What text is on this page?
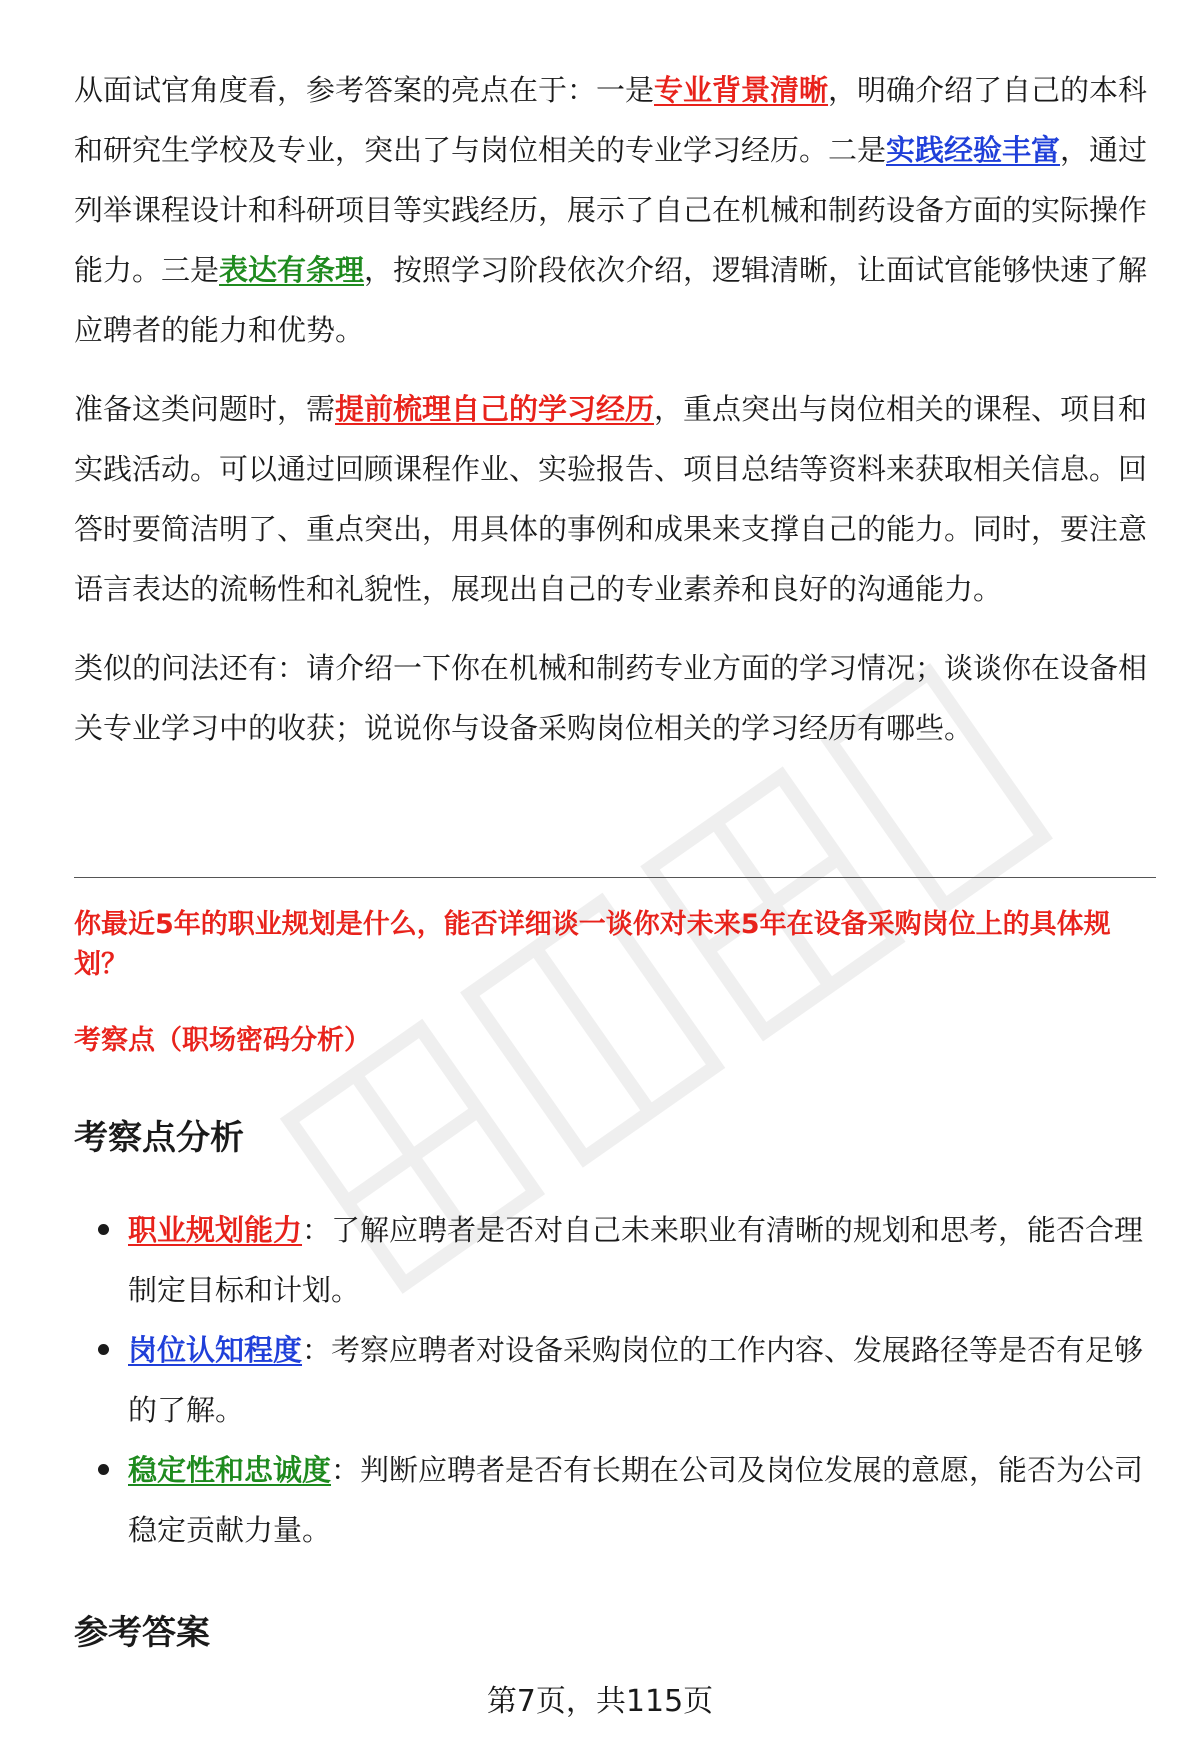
从面试官角度看，参考答案的亮点在于：一是专业背景清晰，明确介绍了自己的本科和研究生学校及专业，突出了与岗位相关的专业学习经历。二是实践经验丰富，通过列举课程设计和科研项目等实践经历，展示了自己在机械和制药设备方面的实际操作能力。三是表达有条理，按照学习阶段依次介绍，逻辑清晰，让面试官能够快速了解应聘者的能力和优势。

准备这类问题时，需提前梳理自己的学习经历，重点突出与岗位相关的课程、项目和实践活动。可以通过回顾课程作业、实验报告、项目总结等资料来获取相关信息。回答时要简洁明了、重点突出，用具体的事例和成果来支撑自己的能力。同时，要注意语言表达的流畅性和礼貌性，展现出自己的专业素养和良好的沟通能力。

类似的问法还有：请介绍一下你在机械和制药专业方面的学习情况；谈谈你在设备相关专业学习中的收获；说说你与设备采购岗位相关的学习经历有哪些。

你最近5年的职业规划是什么，能否详细谈一谈你对未来5年在设备采购岗位上的具体规划？

考察点（职场密码分析）

考察点分析

职业规划能力：了解应聘者是否对自己未来职业有清晰的规划和思考，能否合理制定目标和计划。
岗位认知程度：考察应聘者对设备采购岗位的工作内容、发展路径等是否有足够的了解。
稳定性和忠诚度：判断应聘者是否有长期在公司及岗位发展的意愿，能否为公司稳定贡献力量。

参考答案

第7页，共115页
